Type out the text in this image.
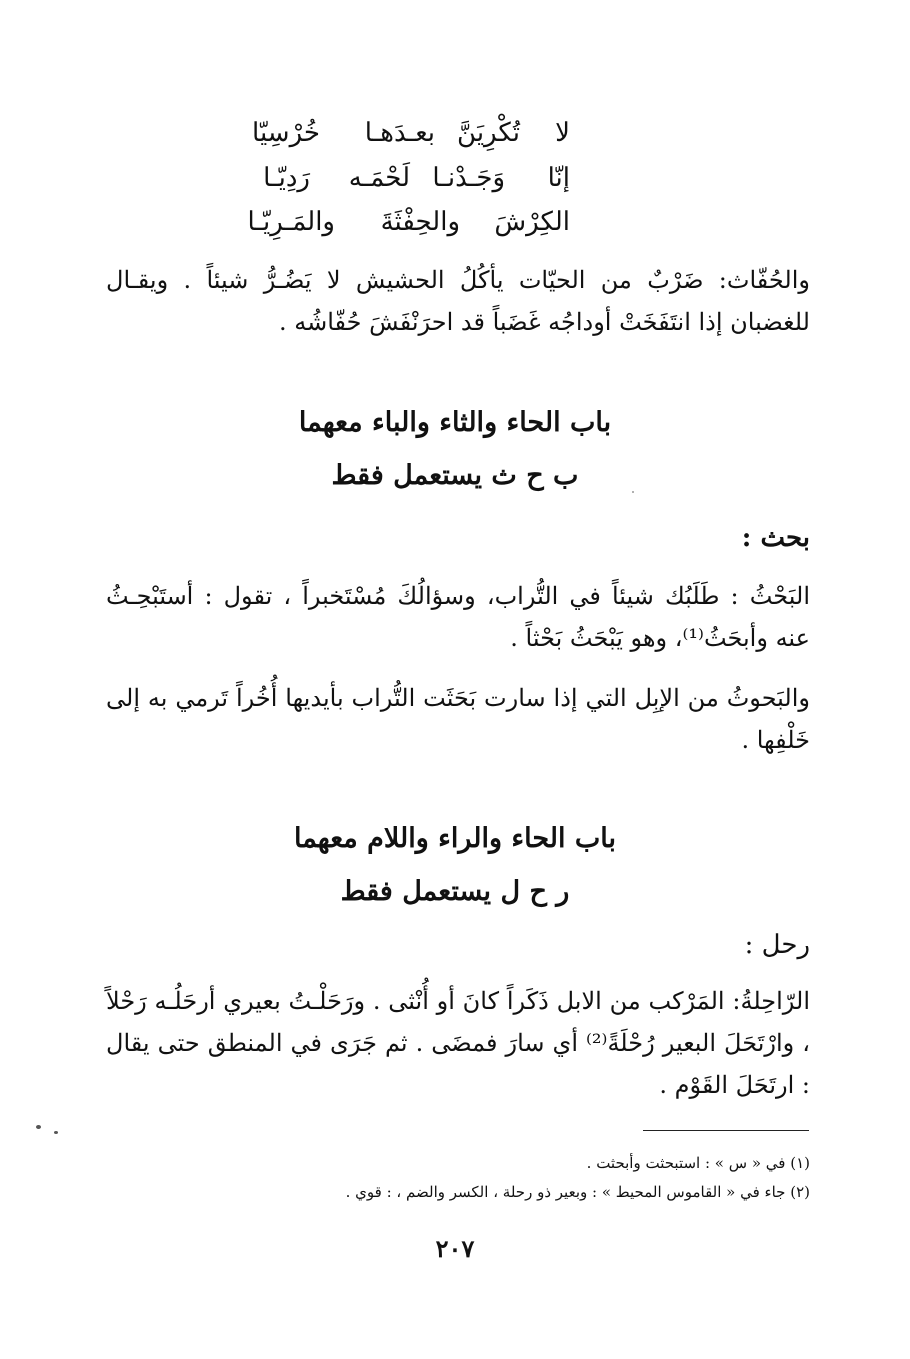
لا
تُكْرِيَنَّ
بعـدَهـا
خُرْسِيّا
إنّا
وَجَـدْنـا
لَحْمَـه
رَدِيّـا
الكِرْشَ
والحِفْثَةَ
والمَـرِيّـا

والحُفّاث: ضَرْبٌ من الحيّات يأكُلُ الحشيش لا يَضُـرُّ شيئاً . ويقـال للغضبان إذا انتَفَخَتْ أوداجُه غَضَباً قد احرَنْفَشَ حُفّاشُه .

باب الحاء والثاء والباء معهما
ب ح ث يستعمل فقط

بحث :

البَحْثُ : طَلَبُك شيئاً في التُّراب، وسؤالُكَ مُسْتَخبراً ، تقول : أستَبْحِـثُ عنه وأبحَثُ⁽¹⁾، وهو يَبْحَثُ بَحْثاً .

والبَحوثُ من الإبِل التي إذا سارت بَحَثَت التُّراب بأيديها أُخُراً تَرمي به إلى خَلْفِها .

باب الحاء والراء واللام معهما
ر ح ل يستعمل فقط

رحل :

الرّاحِلةُ: المَرْكب من الابل ذَكَراً كانَ أو أُنْثى . ورَحَلْـتُ بعيري أرحَلُـه رَحْلاً ، وارْتَحَلَ البعير رُحْلَةً⁽²⁾ أي سارَ فمضَى . ثم جَرَى في المنطق حتى يقال : ارتَحَلَ القَوْم .

(١) في « س » : استبحثت وأبحثت .

(٢) جاء في « القاموس المحيط » : وبعير ذو رحلة ، الكسر والضم ، : قوي .

٢٠٧
